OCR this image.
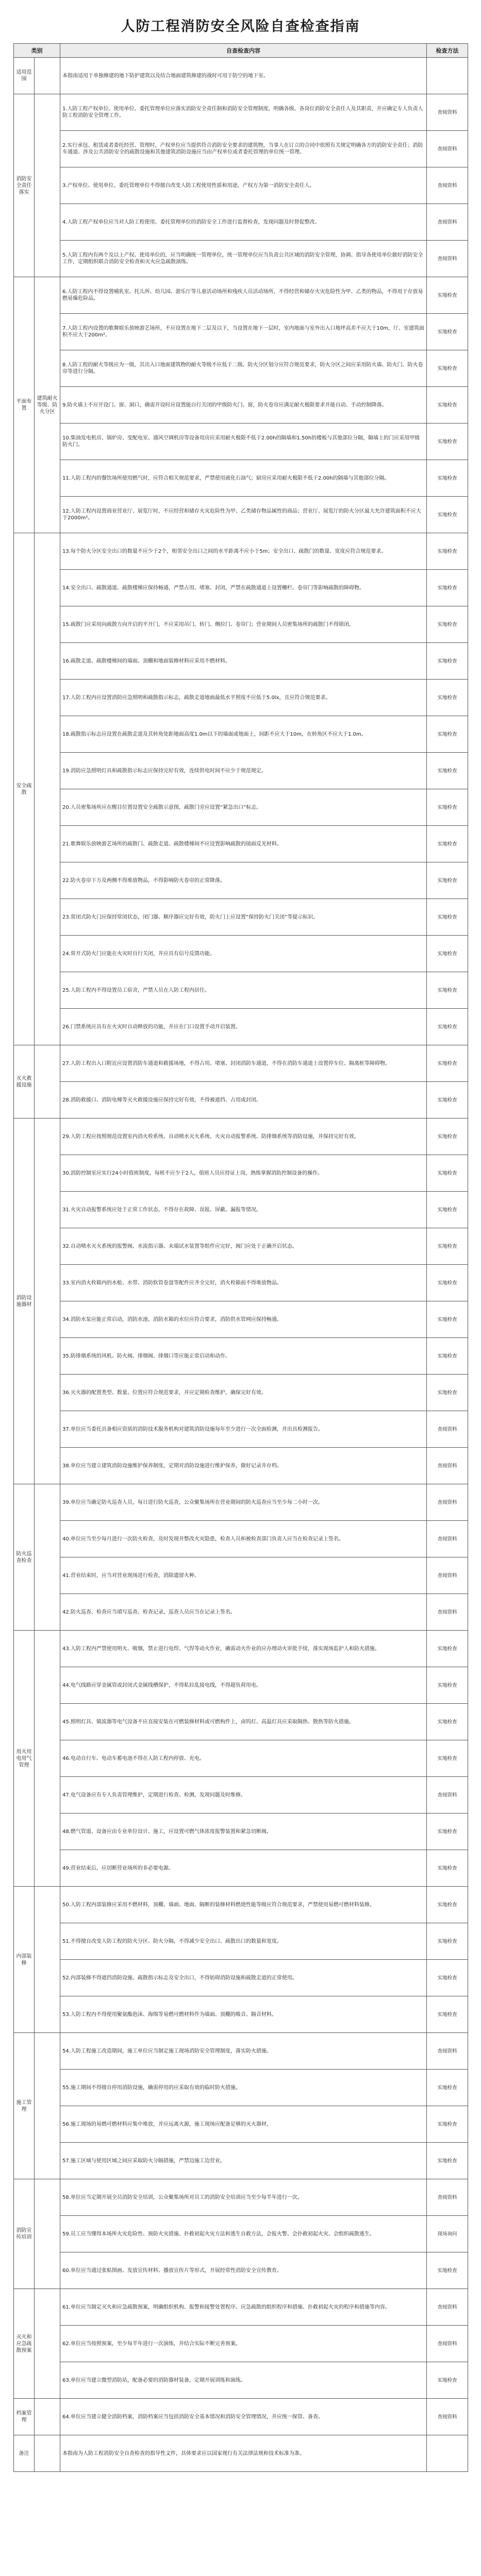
人防工程消防安全风险自查检查指南
类别		自查检查内容	检查方法
适用范围		本指南适用于单独修建的地下防护建筑以及结合地面建筑修建的战时可用于防空的地下室。	
消防安全责任落实		1.人防工程产权单位、使用单位、委托管理单位应落实消防安全责任制和消防安全管理制度，明确各级、各岗位消防安全责任人及其职责，并应确定专人负责人防工程消防安全管理工作。	查阅资料
		2.实行承包、租赁或者委托经营、管理时，产权单位应当提供符合消防安全要求的建筑物，当事人在订立的合同中依照有关规定明确各方的消防安全责任；消防车通道、涉及公共消防安全的疏散设施和其他建筑消防设施应当由产权单位或者委托管理的单位统一管理。	查阅资料
		3.产权单位、使用单位、委托管理单位不得擅自改变人防工程使用性质和用途，产权方为第一消防安全责任人。	查阅资料
		4.人防工程产权单位应当对人防工程使用、委托管理单位的消防安全工作进行监督检查，发现问题及时督促整改。	查阅资料
		5.人防工程内有两个及以上产权、使用单位的，应当明确统一管理单位，统一管理单位应当负责公共区域的消防安全管理，协调、指导各使用单位做好消防安全工作，定期组织联合消防安全检查和灭火应急疏散演练。	查阅资料
平面布置	建筑耐火等级、防火分区	6.人防工程内不得设置哺乳室、托儿所、幼儿园、游乐厅等儿童活动场所和残疾人员活动场所，不得经营和储存火灾危险性为甲、乙类的物品，不得用于存放易燃易爆危险品。	实地检查
		7.人防工程内设置的歌舞娱乐放映游艺场所，不应设置在地下二层及以下，当设置在地下一层时，室内地面与室外出入口地坪高差不应大于10m，厅、室建筑面积不应大于200m²。	实地检查
		8.人防工程的耐火等级应为一级，其出入口地面建筑物的耐火等级不应低于二级。防火分区划分应符合规范要求，防火分区之间应采用防火墙、防火门、防火卷帘等进行分隔。	实地检查
		9.防火墙上不应开设门、窗、洞口，确需开设时应设置能自行关闭的甲级防火门、窗，防火卷帘应满足耐火极限要求并能自动、手动控制降落。	实地检查
		10.柴油发电机房、锅炉房、变配电室、通风空调机房等设备用房应采用耐火极限不低于2.00h的隔墙和1.50h的楼板与其他部位分隔，隔墙上的门应采用甲级防火门。	实地检查
		11.人防工程内的餐饮场所使用燃气时，应符合相关规范要求，严禁使用液化石油气；厨房应采用耐火极限不低于2.00h的隔墙与其他部位分隔。	实地检查
		12.人防工程内设置商业营业厅、展览厅时，不应经营和储存火灾危险性为甲、乙类储存物品属性的商品；营业厅、展览厅的防火分区最大允许建筑面积不应大于2000m²。	实地检查
安全疏散		13.每个防火分区安全出口的数量不应少于2个，相邻安全出口之间的水平距离不应小于5m；安全出口、疏散门的数量、宽度应符合规范要求。	实地检查
		14.安全出口、疏散通道、疏散楼梯应保持畅通，严禁占用、堵塞、封闭，严禁在疏散通道上设置栅栏、卷帘门等影响疏散的障碍物。	实地检查
		15.疏散门应采用向疏散方向开启的平开门，不应采用吊门、转门、侧拉门、卷帘门；营业期间人员密集场所的疏散门不得锁闭。	实地检查
		16.疏散走道、疏散楼梯间的墙面、顶棚和地面装修材料应采用不燃材料。	实地检查
		17.人防工程内应设置消防应急照明和疏散指示标志，疏散走道地面最低水平照度不应低于5.0lx，且应符合规范要求。	实地检查
		18.疏散指示标志应设置在疏散走道及其转角处距地面高度1.0m以下的墙面或地面上，间距不应大于10m，在转角区不应大于1.0m。	实地检查
		19.消防应急照明灯具和疏散指示标志应保持完好有效，连续供电时间不应少于规范规定。	实地检查
		20.人员密集场所应在醒目位置设置安全疏散示意图，疏散门旁应设置“紧急出口”标志。	实地检查
		21.歌舞娱乐放映游艺场所的疏散门、疏散走道、疏散楼梯间不应设置影响疏散的镜面反光材料。	实地检查
		22.防火卷帘下方及两侧不得堆放物品，不得影响防火卷帘的正常降落。	实地检查
		23.常闭式防火门应保持常闭状态，闭门器、顺序器应完好有效，防火门上应设置“保持防火门关闭”等提示标识。	实地检查
		24.常开式防火门应能在火灾时自行关闭，并应具有信号反馈功能。	实地检查
		25.人防工程内不得设置员工宿舍，严禁人员在人防工程内居住。	实地检查
		26.门禁系统应具有在火灾时自动释放的功能，并应在门口设置手动开启装置。	实地检查
灭火救援设施		27.人防工程出入口附近应设置消防车通道和救援场地，不得占用、堵塞、封闭消防车通道，不得在消防车通道上设置停车位、隔离桩等障碍物。	实地检查
		28.消防救援口、消防电梯等灭火救援设施应保持完好有效，不得被遮挡、占用或封闭。	实地检查
消防设施器材		29.人防工程应按照规范设置室内消火栓系统、自动喷水灭火系统、火灾自动报警系统、防排烟系统等消防设施，并保持完好有效。	实地检查
		30.消防控制室应实行24小时值班制度，每班不应少于2人，值班人员应持证上岗，熟练掌握消防控制设备的操作。	实地检查
		31.火灾自动报警系统应处于正常工作状态，不得存在故障、误报、屏蔽、漏报等情况。	实地检查
		32.自动喷水灭火系统的报警阀、水流指示器、末端试水装置等组件应完好，阀门应处于正确开启状态。	实地检查
		33.室内消火栓箱内的水枪、水带、消防软管卷盘等配件应齐全完好，消火栓箱前不得堆放物品。	实地检查
		34.消防水泵应能正常启动，消防水池、消防水箱的水位应符合要求，消防供水管网应保持畅通。	实地检查
		35.防排烟系统的风机、防火阀、排烟阀、排烟口等应能正常启动和动作。	实地检查
		36.灭火器的配置类型、数量、位置应符合规范要求，并应定期检查维护，确保完好有效。	实地检查
		37.单位应当委托具备相应资质的消防技术服务机构对建筑消防设施每年至少进行一次全面检测，并出具检测报告。	查阅资料
		38.单位应当建立建筑消防设施维护保养制度，定期对消防设施进行维护保养，做好记录并存档。	查阅资料
防火巡查检查		39.单位应当确定防火巡查人员，每日进行防火巡查，公众聚集场所在营业期间的防火巡查应当至少每二小时一次。	查阅资料
		40.单位应当至少每月进行一次防火检查，及时发现并整改火灾隐患，检查人员和被检查部门负责人应当在检查记录上签名。	查阅资料
		41.营业结束时，应当对营业现场进行检查，消除遗留火种。	查阅资料
		42.防火巡查、检查应当填写巡查、检查记录，巡查人员应当在记录上签名。	查阅资料
用火用电用气管理		43.人防工程内严禁使用明火、吸烟，禁止进行电焊、气焊等动火作业，确需动火作业的应办理动火审批手续，落实现场监护人和防火措施。	实地检查
		44.电气线路应穿金属管或封闭式金属线槽保护，不得私拉乱接电线，不得超负荷用电。	实地检查
		45.照明灯具、镇流器等电气设备不应直接安装在可燃装修材料或可燃构件上，卤钨灯、高温灯具应采取隔热、散热等防火措施。	实地检查
		46.电动自行车、电动车蓄电池不得在人防工程内停放、充电。	实地检查
		47.电气设备应有专人负责管理维护，定期进行检查、检测，发现问题及时维修。	查阅资料
		48.燃气管道、设备应由专业单位设计、施工，应设置可燃气体浓度报警装置和紧急切断阀。	实地检查
		49.营业结束后，应切断营业场所的非必要电源。	实地检查
内部装修		50.人防工程内部装修应采用不燃材料，顶棚、墙面、地面、隔断的装修材料燃烧性能等级应符合规范要求，严禁使用易燃可燃材料装修。	实地检查
		51.不得擅自改变人防工程的防火分区、防火分隔，不得减少安全出口、疏散出口的数量和宽度。	实地检查
		52.内部装修不得遮挡消防设施、疏散指示标志及安全出口，不得妨碍消防设施和疏散走道的正常使用。	实地检查
		53.人防工程内不得使用聚氨酯泡沫、海绵等易燃可燃材料作为墙面、顶棚的吸音、隔音材料。	实地检查
施工管理		54.人防工程施工改造期间，施工单位应当制定施工现场消防安全管理制度，落实防火措施。	查阅资料
		55.施工期间不得擅自停用消防设施，确需停用的应采取有效的临时防火措施。	实地检查
		56.施工现场的易燃可燃材料应集中堆放，并应远离火源，施工现场应配备足够的灭火器材。	实地检查
		57.施工区域与使用区域之间应采取防火分隔措施，严禁边施工边营业。	实地检查
消防宣传培训		58.单位应当定期开展全员消防安全培训，公众聚集场所对员工的消防安全培训应当至少每半年进行一次。	查阅资料
		59.员工应当懂得本场所火灾危险性、预防火灾措施、扑救初起火灾方法和逃生自救方法，会报火警、会扑救初起火灾、会组织疏散逃生。	现场询问
		60.单位应当通过张贴图画、发放宣传材料、播放宣传片等形式，开展经常性消防安全宣传教育。	实地检查
灭火和应急疏散预案		61.单位应当制定灭火和应急疏散预案，明确组织机构、报警和接警处置程序、应急疏散的组织程序和措施、扑救初起火灾的程序和措施等内容。	查阅资料
		62.单位应当按照预案，至少每半年进行一次演练，并结合实际不断完善预案。	查阅资料
		63.单位应当建立微型消防站，配备必要的消防器材装备，定期开展训练和演练。	实地检查
档案管理		64.单位应当建立健全消防档案，消防档案应当包括消防安全基本情况和消防安全管理情况，并应统一保管、备查。	查阅资料
备注		本指南为人防工程消防安全自查检查的指导性文件，具体要求应以国家现行有关法律法规和技术标准为准。	
